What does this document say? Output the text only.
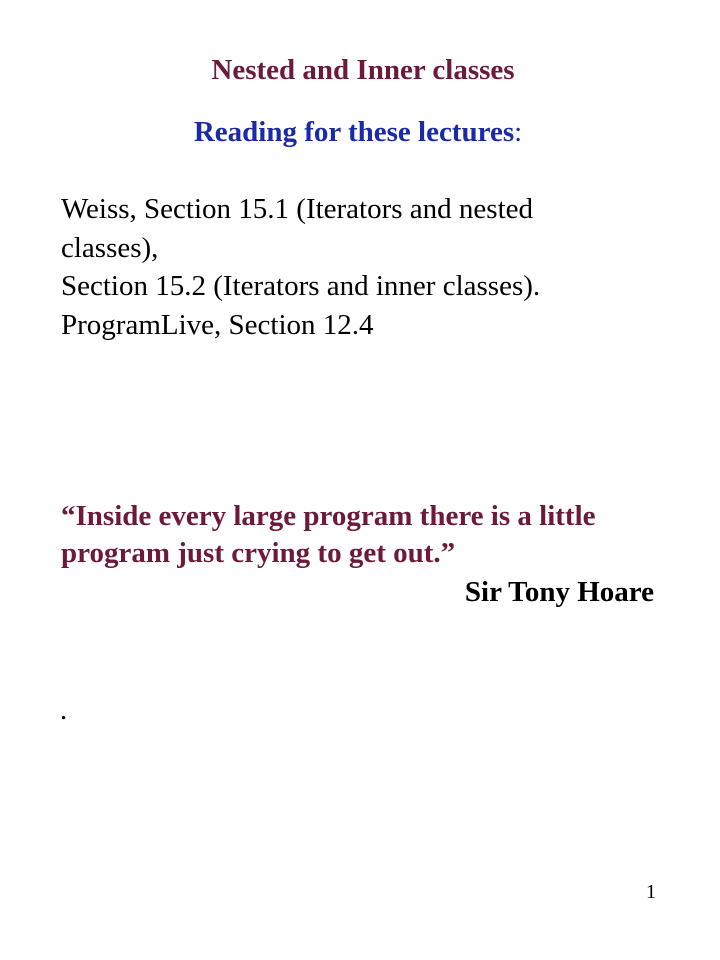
Nested and Inner classes
Reading for these lectures:
Weiss, Section 15.1 (Iterators and nested
classes),
Section 15.2 (Iterators and inner classes).
ProgramLive, Section 12.4
“Inside every large program there is a little
program just crying to get out.”
Sir Tony Hoare
.
1
